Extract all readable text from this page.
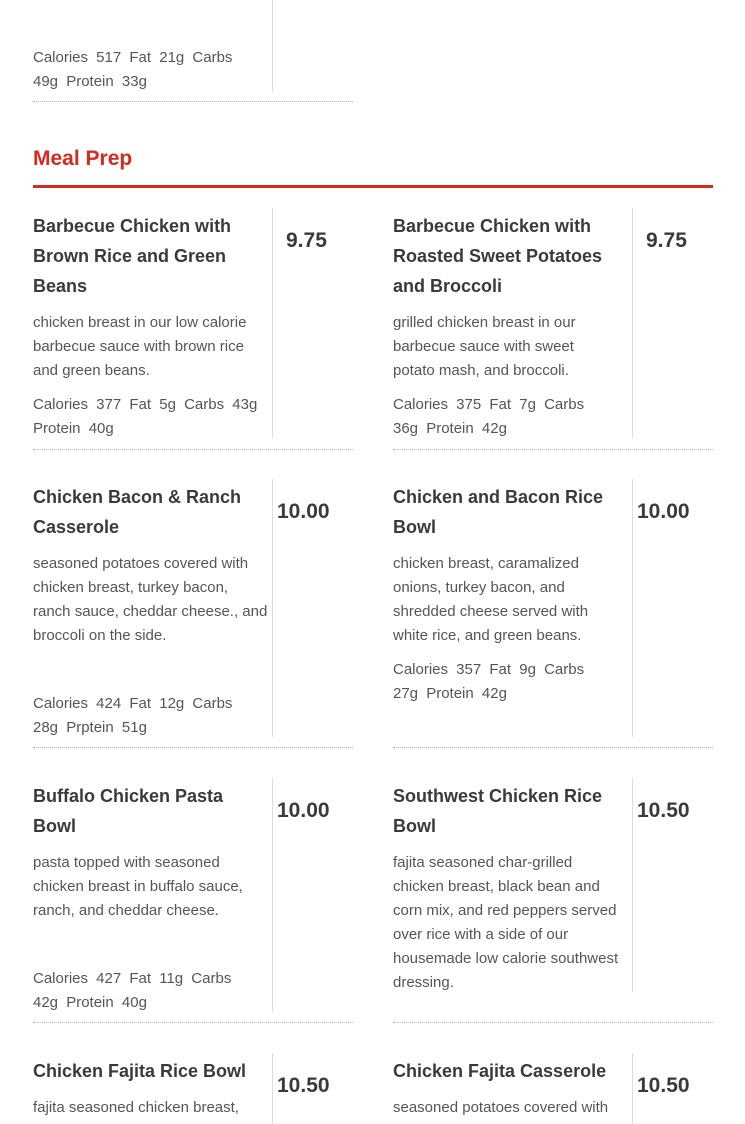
Calories 517 Fat 21g Carbs 49g Protein 33g
Meal Prep
Barbecue Chicken with Brown Rice and Green Beans
chicken breast in our low calorie barbecue sauce with brown rice and green beans.
Calories 377 Fat 5g Carbs 43g Protein 40g
9.75
Barbecue Chicken with Roasted Sweet Potatoes and Broccoli
grilled chicken breast in our barbecue sauce with sweet potato mash, and broccoli.
Calories 375 Fat 7g Carbs 36g Protein 42g
9.75
Chicken Bacon & Ranch Casserole
seasoned potatoes covered with chicken breast, turkey bacon, ranch sauce, cheddar cheese., and broccoli on the side.
Calories 424 Fat 12g Carbs 28g Prptein 51g
10.00
Chicken and Bacon Rice Bowl
chicken breast, caramalized onions, turkey bacon, and shredded cheese served with white rice, and green beans.
Calories 357 Fat 9g Carbs 27g Protein 42g
10.00
Buffalo Chicken Pasta Bowl
pasta topped with seasoned chicken breast in buffalo sauce, ranch, and cheddar cheese.
Calories 427 Fat 11g Carbs 42g Protein 40g
10.00
Southwest Chicken Rice Bowl
fajita seasoned char-grilled chicken breast, black bean and corn mix, and red peppers served over rice with a side of our housemade low calorie southwest dressing.
10.50
Chicken Fajita Rice Bowl
fajita seasoned chicken breast,
10.50
Chicken Fajita Casserole
seasoned potatoes covered with
10.50
